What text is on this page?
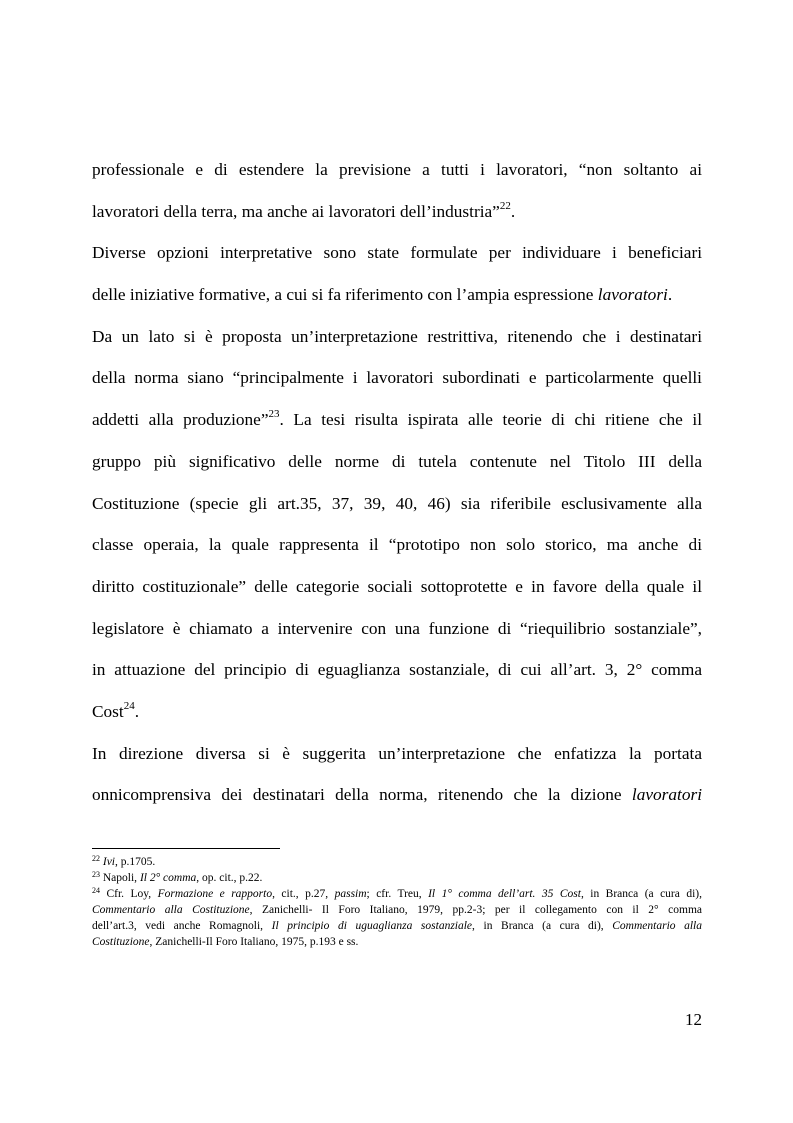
professionale e di estendere la previsione a tutti i lavoratori, “non soltanto ai
lavoratori della terra, ma anche ai lavoratori dell’industria”$^{22}$.
Diverse opzioni interpretative sono state formulate per individuare i beneficiari
delle iniziative formative, a cui si fa riferimento con l’ampia espressione lavoratori.
Da un lato si è proposta un’interpretazione restrittiva, ritenendo che i destinatari
della norma siano “principalmente i lavoratori subordinati e particolarmente quelli
addetti alla produzione”$^{23}$. La tesi risulta ispirata alle teorie di chi ritiene che il
gruppo più significativo delle norme di tutela contenute nel Titolo III della
Costituzione (specie gli art.35, 37, 39, 40, 46) sia riferibile esclusivamente alla
classe operaia, la quale rappresenta il “prototipo non solo storico, ma anche di
diritto costituzionale” delle categorie sociali sottoprotette e in favore della quale il
legislatore è chiamato a intervenire con una funzione di “riequilibrio sostanziale”,
in attuazione del principio di eguaglianza sostanziale, di cui all’art. 3, 2° comma
Cost$^{24}$.
In direzione diversa si è suggerita un’interpretazione che enfatizza la portata
onnicomprensiva dei destinatari della norma, ritenendo che la dizione lavoratori
$^{22}$ Ivi, p.1705.
$^{23}$ Napoli, Il 2° comma, op. cit., p.22.
$^{24}$ Cfr. Loy, Formazione e rapporto, cit., p.27, passim; cfr. Treu, Il 1° comma dell’art. 35 Cost, in Branca (a cura di),
Commentario alla Costituzione, Zanichelli- Il Foro Italiano, 1979, pp.2-3; per il collegamento con il 2° comma
dell’art.3, vedi anche Romagnoli, Il principio di uguaglianza sostanziale, in Branca (a cura di), Commentario alla
Costituzione, Zanichelli-Il Foro Italiano, 1975, p.193 e ss.
12
